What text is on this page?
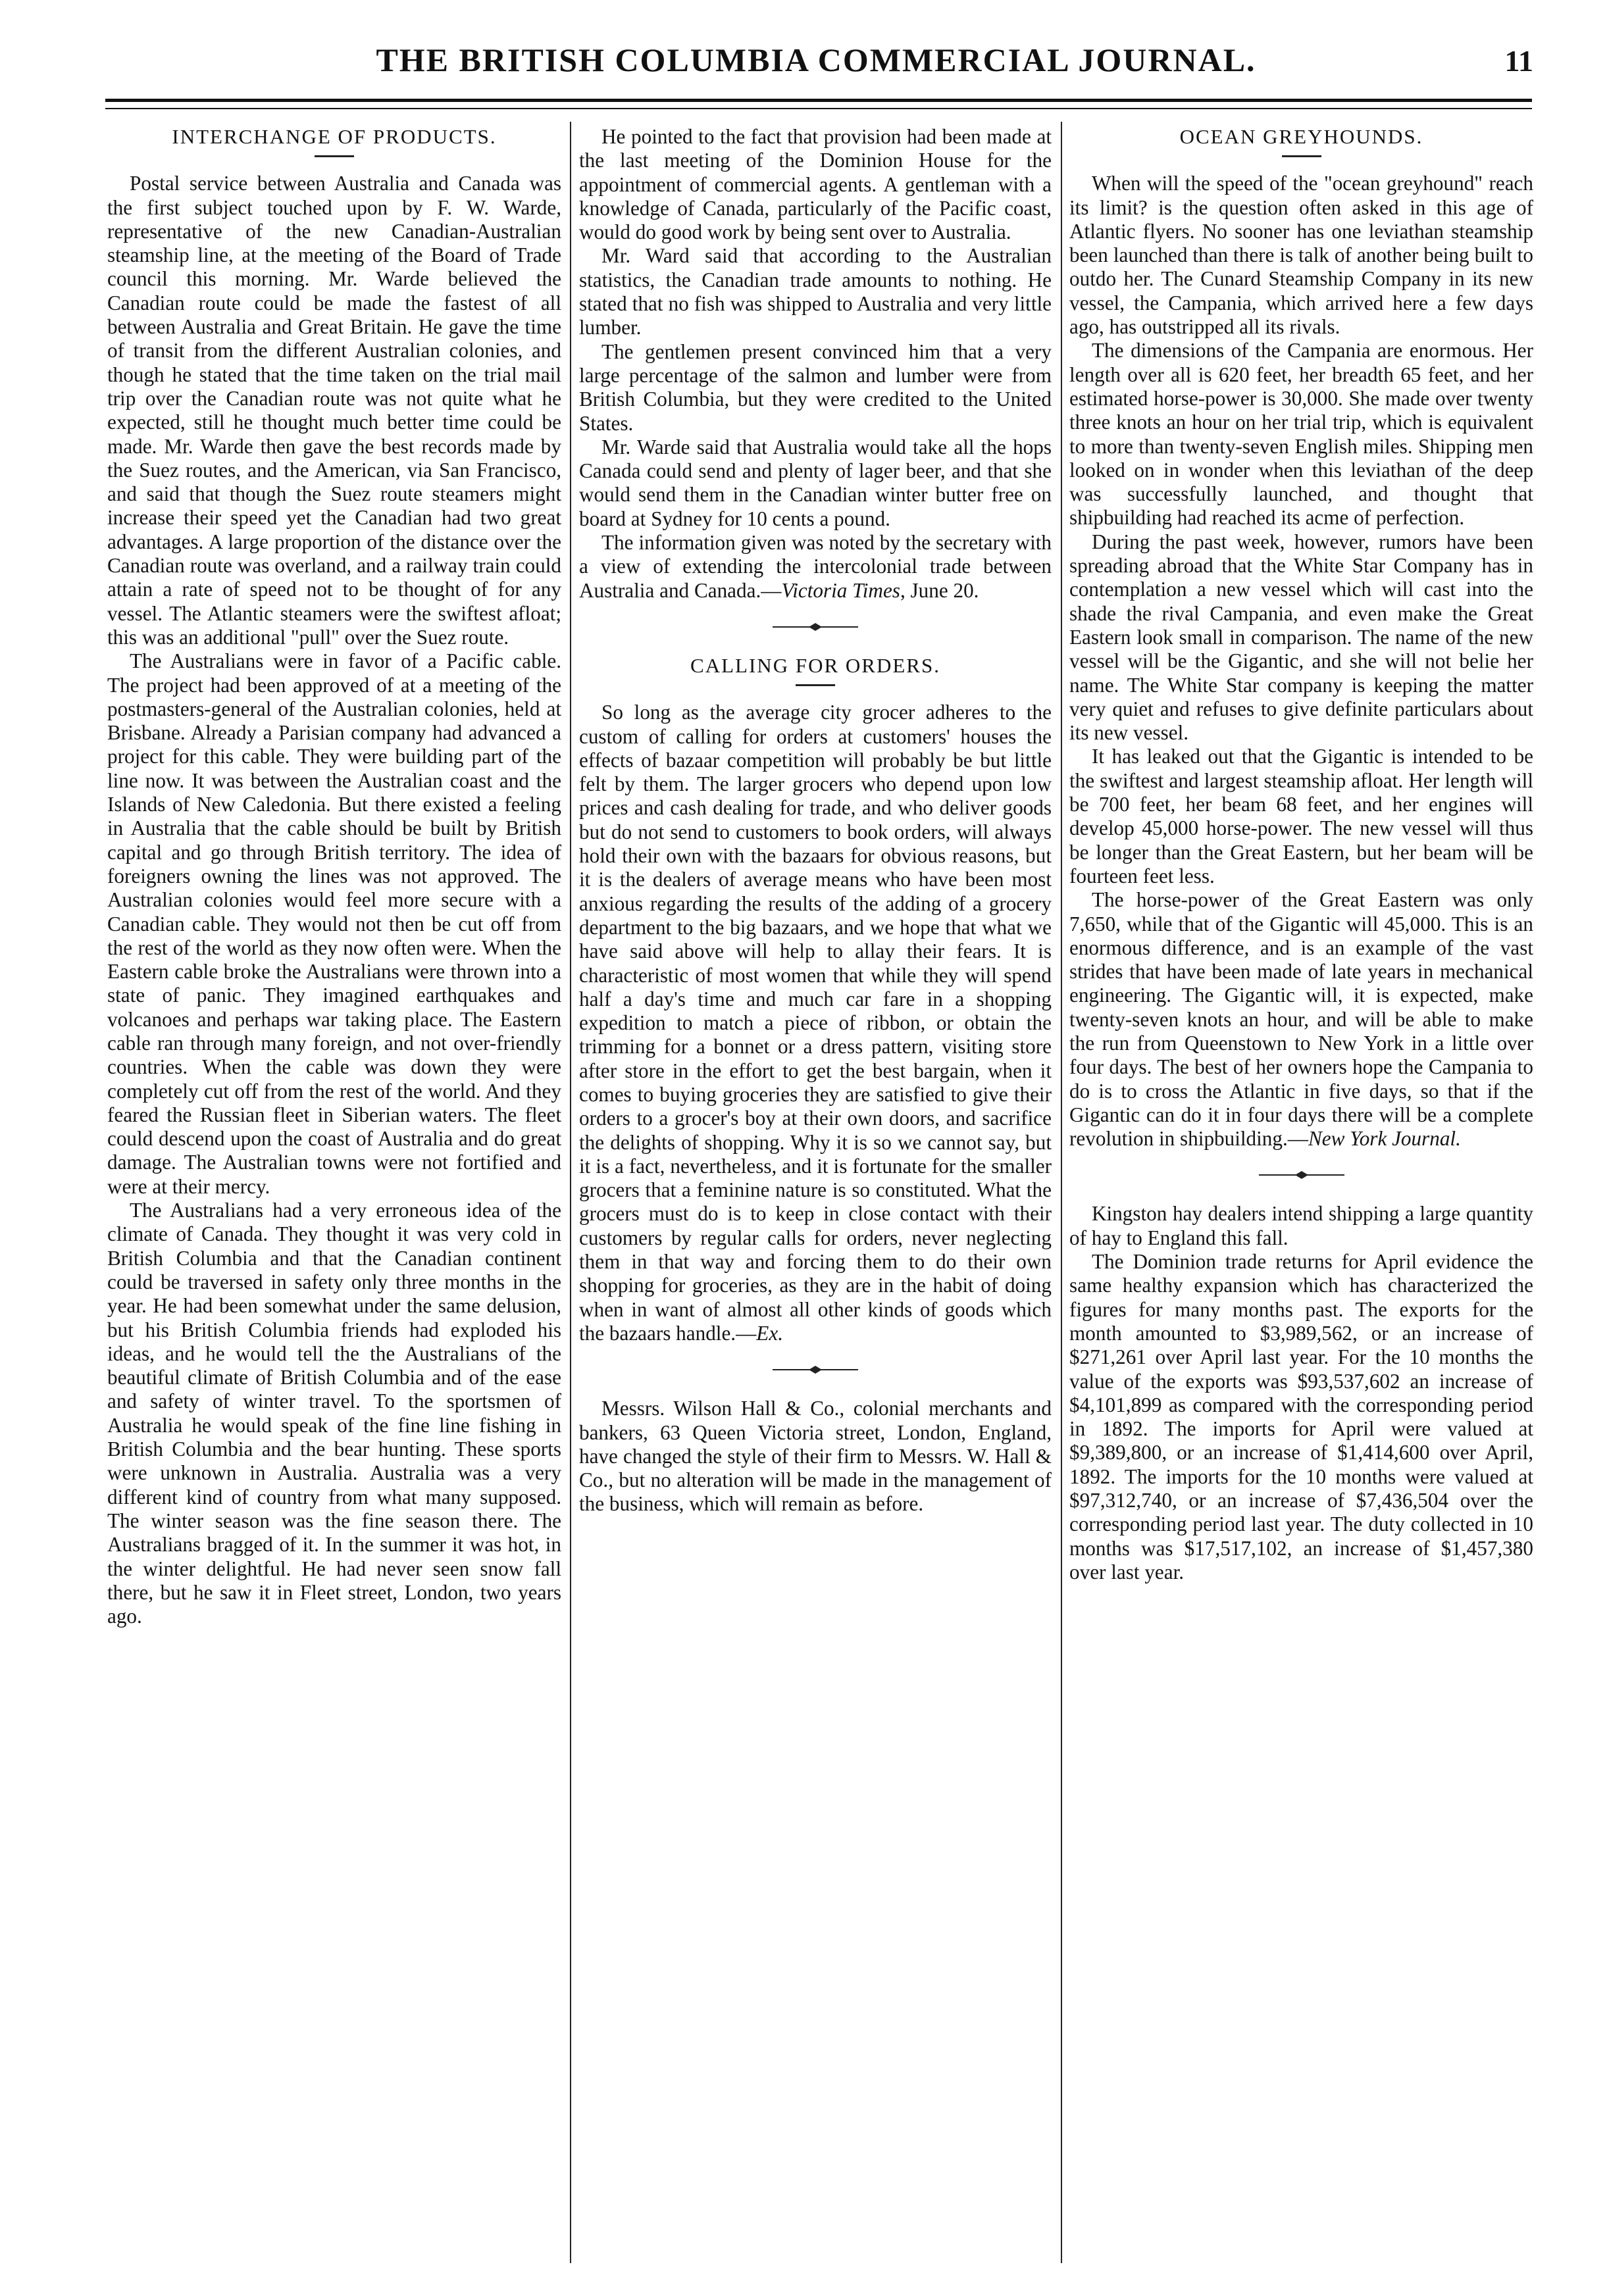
THE BRITISH COLUMBIA COMMERCIAL JOURNAL.	11
INTERCHANGE OF PRODUCTS.

Postal service between Australia and Canada was the first subject touched upon by F. W. Warde, representative of the new Canadian-Australian steamship line, at the meeting of the Board of Trade council this morning. Mr. Warde believed the Canadian route could be made the fastest of all between Australia and Great Britain. He gave the time of transit from the different Australian colonies, and though he stated that the time taken on the trial mail trip over the Canadian route was not quite what he expected, still he thought much better time could be made. Mr. Warde then gave the best records made by the Suez routes, and the American, via San Francisco, and said that though the Suez route steamers might increase their speed yet the Canadian had two great advantages. A large proportion of the distance over the Canadian route was overland, and a railway train could attain a rate of speed not to be thought of for any vessel. The Atlantic steamers were the swiftest afloat; this was an additional "pull" over the Suez route.

The Australians were in favor of a Pacific cable. The project had been approved of at a meeting of the postmasters-general of the Australian colonies, held at Brisbane. Already a Parisian company had advanced a project for this cable. They were building part of the line now. It was between the Australian coast and the Islands of New Caledonia. But there existed a feeling in Australia that the cable should be built by British capital and go through British territory. The idea of foreigners owning the lines was not approved. The Australian colonies would feel more secure with a Canadian cable. They would not then be cut off from the rest of the world as they now often were. When the Eastern cable broke the Australians were thrown into a state of panic. They imagined earthquakes and volcanoes and perhaps war taking place. The Eastern cable ran through many foreign, and not over-friendly countries. When the cable was down they were completely cut off from the rest of the world. And they feared the Russian fleet in Siberian waters. The fleet could descend upon the coast of Australia and do great damage. The Australian towns were not fortified and were at their mercy.

The Australians had a very erroneous idea of the climate of Canada. They thought it was very cold in British Columbia and that the Canadian continent could be traversed in safety only three months in the year. He had been somewhat under the same delusion, but his British Columbia friends had exploded his ideas, and he would tell the the Australians of the beautiful climate of British Columbia and of the ease and safety of winter travel. To the sportsmen of Australia he would speak of the fine line fishing in British Columbia and the bear hunting. These sports were unknown in Australia. Australia was a very different kind of country from what many supposed. The winter season was the fine season there. The Australians bragged of it. In the summer it was hot, in the winter delightful. He had never seen snow fall there, but he saw it in Fleet street, London, two years ago.

He pointed to the fact that provision had been made at the last meeting of the Dominion House for the appointment of commercial agents. A gentleman with a knowledge of Canada, particularly of the Pacific coast, would do good work by being sent over to Australia.

Mr. Ward said that according to the Australian statistics, the Canadian trade amounts to nothing. He stated that no fish was shipped to Australia and very little lumber.

The gentlemen present convinced him that a very large percentage of the salmon and lumber were from British Columbia, but they were credited to the United States.

Mr. Warde said that Australia would take all the hops Canada could send and plenty of lager beer, and that she would send them in the Canadian winter butter free on board at Sydney for 10 cents a pound.

The information given was noted by the secretary with a view of extending the intercolonial trade between Australia and Canada.—Victoria Times, June 20.

CALLING FOR ORDERS.

So long as the average city grocer adheres to the custom of calling for orders at customers' houses the effects of bazaar competition will probably be but little felt by them. The larger grocers who depend upon low prices and cash dealing for trade, and who deliver goods but do not send to customers to book orders, will always hold their own with the bazaars for obvious reasons, but it is the dealers of average means who have been most anxious regarding the results of the adding of a grocery department to the big bazaars, and we hope that what we have said above will help to allay their fears. It is characteristic of most women that while they will spend half a day's time and much car fare in a shopping expedition to match a piece of ribbon, or obtain the trimming for a bonnet or a dress pattern, visiting store after store in the effort to get the best bargain, when it comes to buying groceries they are satisfied to give their orders to a grocer's boy at their own doors, and sacrifice the delights of shopping. Why it is so we cannot say, but it is a fact, nevertheless, and it is fortunate for the smaller grocers that a feminine nature is so constituted. What the grocers must do is to keep in close contact with their customers by regular calls for orders, never neglecting them in that way and forcing them to do their own shopping for groceries, as they are in the habit of doing when in want of almost all other kinds of goods which the bazaars handle.—Ex.

Messrs. Wilson Hall & Co., colonial merchants and bankers, 63 Queen Victoria street, London, England, have changed the style of their firm to Messrs. W. Hall & Co., but no alteration will be made in the management of the business, which will remain as before.

OCEAN GREYHOUNDS.

When will the speed of the "ocean greyhound" reach its limit? is the question often asked in this age of Atlantic flyers. No sooner has one leviathan steamship been launched than there is talk of another being built to outdo her. The Cunard Steamship Company in its new vessel, the Campania, which arrived here a few days ago, has outstripped all its rivals.

The dimensions of the Campania are enormous. Her length over all is 620 feet, her breadth 65 feet, and her estimated horse-power is 30,000. She made over twenty three knots an hour on her trial trip, which is equivalent to more than twenty-seven English miles. Shipping men looked on in wonder when this leviathan of the deep was successfully launched, and thought that shipbuilding had reached its acme of perfection.

During the past week, however, rumors have been spreading abroad that the White Star Company has in contemplation a new vessel which will cast into the shade the rival Campania, and even make the Great Eastern look small in comparison. The name of the new vessel will be the Gigantic, and she will not belie her name. The White Star company is keeping the matter very quiet and refuses to give definite particulars about its new vessel.

It has leaked out that the Gigantic is intended to be the swiftest and largest steamship afloat. Her length will be 700 feet, her beam 68 feet, and her engines will develop 45,000 horse-power. The new vessel will thus be longer than the Great Eastern, but her beam will be fourteen feet less.

The horse-power of the Great Eastern was only 7,650, while that of the Gigantic will 45,000. This is an enormous difference, and is an example of the vast strides that have been made of late years in mechanical engineering. The Gigantic will, it is expected, make twenty-seven knots an hour, and will be able to make the run from Queenstown to New York in a little over four days. The best of her owners hope the Campania to do is to cross the Atlantic in five days, so that if the Gigantic can do it in four days there will be a complete revolution in shipbuilding.—New York Journal.

Kingston hay dealers intend shipping a large quantity of hay to England this fall.

The Dominion trade returns for April evidence the same healthy expansion which has characterized the figures for many months past. The exports for the month amounted to $3,989,562, or an increase of $271,261 over April last year. For the 10 months the value of the exports was $93,537,602 an increase of $4,101,899 as compared with the corresponding period in 1892. The imports for April were valued at $9,389,800, or an increase of $1,414,600 over April, 1892. The imports for the 10 months were valued at $97,312,740, or an increase of $7,436,504 over the corresponding period last year. The duty collected in 10 months was $17,517,102, an increase of $1,457,380 over last year.
